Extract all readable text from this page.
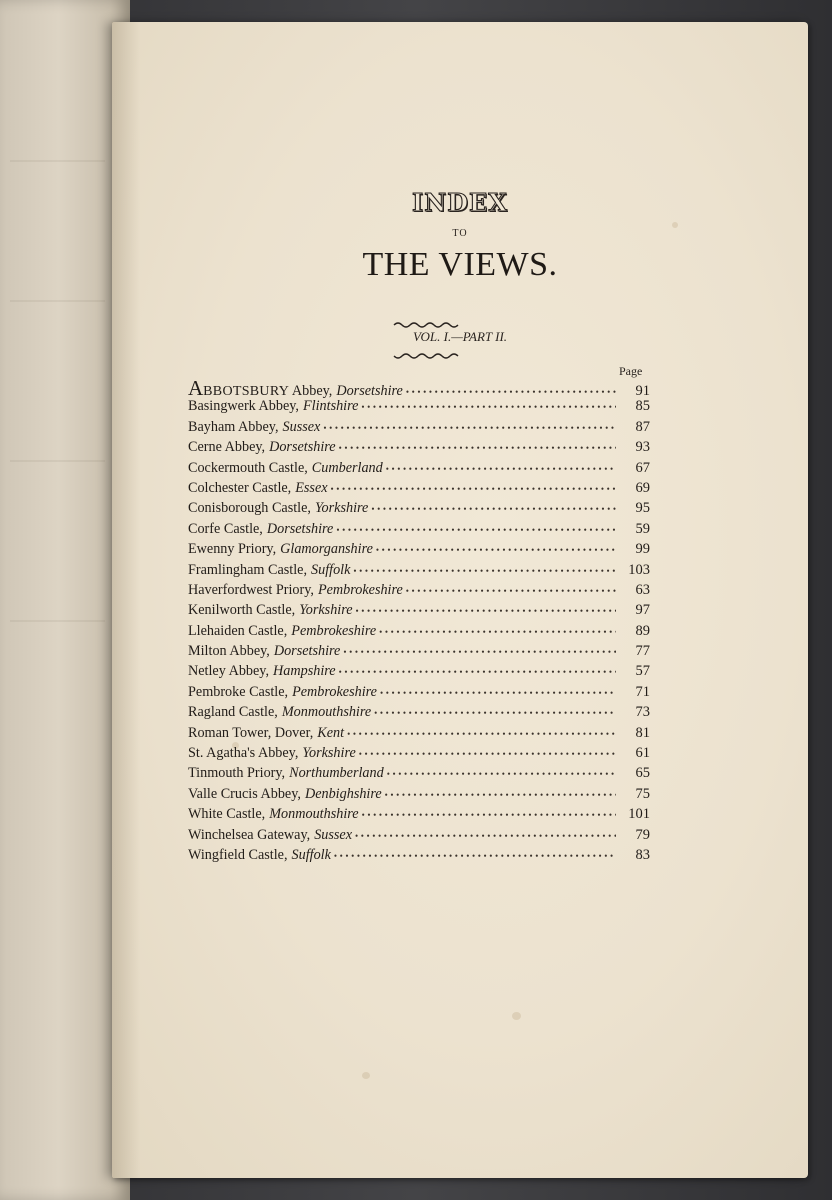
INDEX
TO
THE VIEWS.
VOL. I.—PART II.
Page
ABBOTSBURY Abbey, Dorsetshire •••••	91
Basingwerk Abbey, Flintshire •••••	85
Bayham Abbey, Sussex •••••	87
Cerne Abbey, Dorsetshire •••••	93
Cockermouth Castle, Cumberland •••••	67
Colchester Castle, Essex •••••	69
Conisborough Castle, Yorkshire •••••	95
Corfe Castle, Dorsetshire •••••	59
Ewenny Priory, Glamorganshire •••••	99
Framlingham Castle, Suffolk •••••	103
Haverfordwest Priory, Pembrokeshire •••••	63
Kenilworth Castle, Yorkshire •••••	97
Llehaiden Castle, Pembrokeshire •••••	89
Milton Abbey, Dorsetshire •••••	77
Netley Abbey, Hampshire •••••	57
Pembroke Castle, Pembrokeshire •••••	71
Ragland Castle, Monmouthshire •••••	73
Roman Tower, Dover, Kent •••••	81
St. Agatha's Abbey, Yorkshire •••••	61
Tinmouth Priory, Northumberland •••••	65
Valle Crucis Abbey, Denbighshire •••••	75
White Castle, Monmouthshire •••••	101
Winchelsea Gateway, Sussex •••••	79
Wingfield Castle, Suffolk •••••	83
